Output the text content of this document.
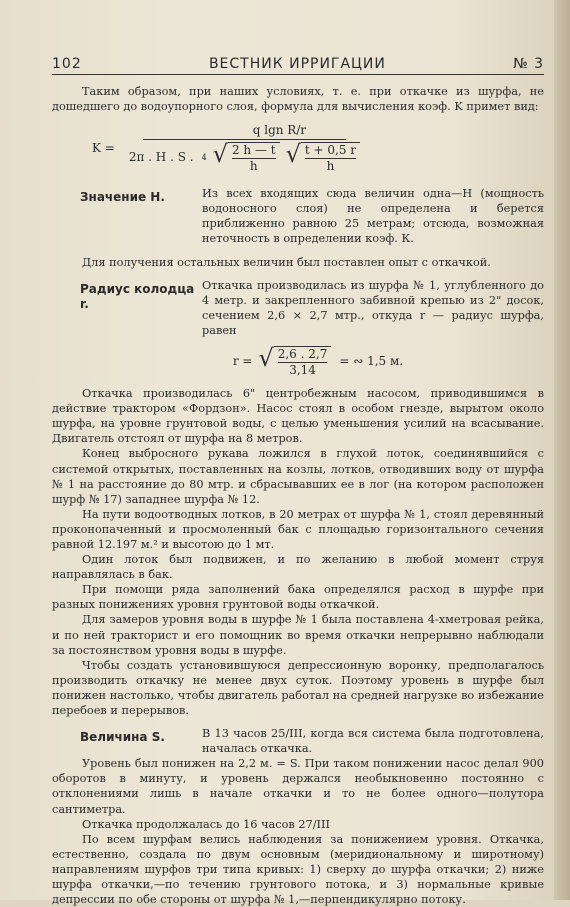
102	ВЕСТНИК ИРРИГАЦИИ	№ 3

Таким образом, при наших условиях, т. е. при откачке из шурфа, не дошедшего до водоупорного слоя, формула для вычисления коэф. K примет вид:

K =
q lgn R/r
2π . H . S . 4 √ 2 h — t
h √ t + 0,5 r
h
Значение Н.	Из всех входящих сюда величин одна—Н (мощность водоносного слоя) не определена и берется приближенно равною 25 метрам; отсюда, возможная неточность в определении коэф. К.

Для получения остальных величин был поставлен опыт с откачкой.

Радиус колодца r.

Откачка производилась из шурфа № 1, углубленного до 4 метр. и закрепленного забивной крепью из 2" досок, сечением 2,6 × 2,7 мтр., откуда r — радиус шурфа, равен

r = √ 2,6 . 2,7
3,14
= ∾ 1,5 м.

Откачка производилась 6" центробежным насосом, приводившимся в действие трактором «Фордзон». Насос стоял в особом гнезде, вырытом около шурфа, на уровне грунтовой воды, с целью уменьшения усилий на всасывание. Двигатель отстоял от шурфа на 8 метров.

Конец выбросного рукава ложился в глухой лоток, соединявшийся с системой открытых, поставленных на козлы, лотков, отводивших воду от шурфа № 1 на расстояние до 80 мтр. и сбрасывавших ее в лог (на котором расположен шурф № 17) западнее шурфа № 12.

На пути водоотводных лотков, в 20 метрах от шурфа № 1, стоял деревянный проконопаченный и просмоленный бак с площадью горизонтального сечения равной 12.197 м.² и высотою до 1 мт.

Один лоток был подвижен, и по желанию в любой момент струя направлялась в бак.

При помощи ряда заполнений бака определялся расход в шурфе при разных понижениях уровня грунтовой воды откачкой.

Для замеров уровня воды в шурфе № 1 была поставлена 4-хметровая рейка, и по ней тракторист и его помощник во время откачки непрерывно наблюдали за постоянством уровня воды в шурфе.

Чтобы создать установившуюся депрессионную воронку, предполагалось производить откачку не менее двух суток. Поэтому уровень в шурфе был понижен настолько, чтобы двигатель работал на средней нагрузке во избежание перебоев и перерывов.

Величина S.	В 13 часов 25/III, когда вся система была подготовлена, началась откачка.

Уровень был понижен на 2,2 м. = S. При таком понижении насос делал 900 оборотов в минуту, и уровень держался необыкновенно постоянно с отклонениями лишь в начале откачки и то не более одного—полутора сантиметра.

Откачка продолжалась до 16 часов 27/III

По всем шурфам велись наблюдения за понижением уровня. Откачка, естественно, создала по двум основным (меридиональному и широтному) направлениям шурфов три типа кривых: 1) сверху до шурфа откачки; 2) ниже шурфа откачки,—по течению грунтового потока, и 3) нормальные кривые депрессии по обе стороны от шурфа № 1,—перпендикулярно потоку.
